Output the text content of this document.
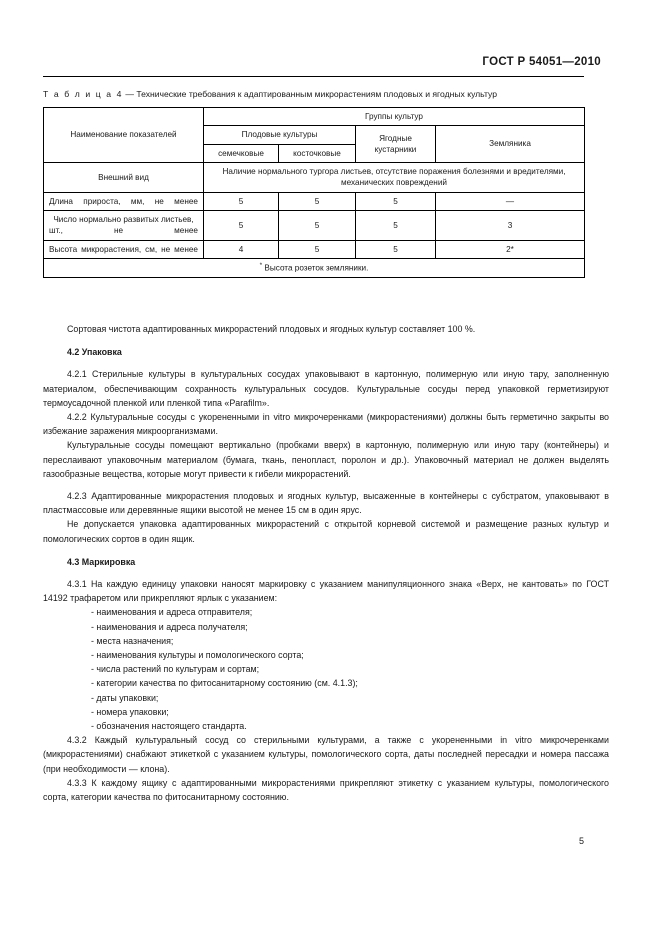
ГОСТ Р 54051—2010
Т а б л и ц а 4 — Технические требования к адаптированным микрорастениям плодовых и ягодных культур
Наименование показателей	Группы культур			
	Плодовые культуры		Ягодные кустарники	Земляника
	семечковые	косточковые		
Внешний вид	Наличие нормального тургора листьев, отсутствие поражения болезнями и вредителями, механических повреждений			
Длина прироста, мм, не менее	5	5	5	—
Число нормально развитых листьев, шт., не менее	5	5	5	3
Высота микрорастения, см, не менее	4	5	5	2*
* Высота розеток земляники.				

Сортовая чистота адаптированных микрорастений плодовых и ягодных культур составляет 100 %.

4.2 Упаковка

4.2.1 Стерильные культуры в культуральных сосудах упаковывают в картонную, полимерную или иную тару, заполненную материалом, обеспечивающим сохранность культуральных сосудов. Культуральные сосуды перед упаковкой герметизируют термоусадочной пленкой или пленкой типа «Parafilm».

4.2.2 Культуральные сосуды с укорененными in vitro микрочеренками (микрорастениями) должны быть герметично закрыты во избежание заражения микроорганизмами.

Культуральные сосуды помещают вертикально (пробками вверх) в картонную, полимерную или иную тару (контейнеры) и переслаивают упаковочным материалом (бумага, ткань, пенопласт, поролон и др.). Упаковочный материал не должен выделять газообразные вещества, которые могут привести к гибели микрорастений.

4.2.3 Адаптированные микрорастения плодовых и ягодных культур, высаженные в контейнеры с субстратом, упаковывают в пластмассовые или деревянные ящики высотой не менее 15 см в один ярус.

Не допускается упаковка адаптированных микрорастений с открытой корневой системой и размещение разных культур и помологических сортов в один ящик.

4.3 Маркировка

4.3.1 На каждую единицу упаковки наносят маркировку с указанием манипуляционного знака «Верх, не кантовать» по ГОСТ 14192 трафаретом или прикрепляют ярлык с указанием:

- наименования и адреса отправителя;
- наименования и адреса получателя;
- места назначения;
- наименования культуры и помологического сорта;
- числа растений по культурам и сортам;
- категории качества по фитосанитарному состоянию (см. 4.1.3);
- даты упаковки;
- номера упаковки;
- обозначения настоящего стандарта.

4.3.2 Каждый культуральный сосуд со стерильными культурами, а также с укорененными in vitro микрочеренками (микрорастениями) снабжают этикеткой с указанием культуры, помологического сорта, даты последней пересадки и номера пассажа (при необходимости — клона).

4.3.3 К каждому ящику с адаптированными микрорастениями прикрепляют этикетку с указанием культуры, помологического сорта, категории качества по фитосанитарному состоянию.

5
